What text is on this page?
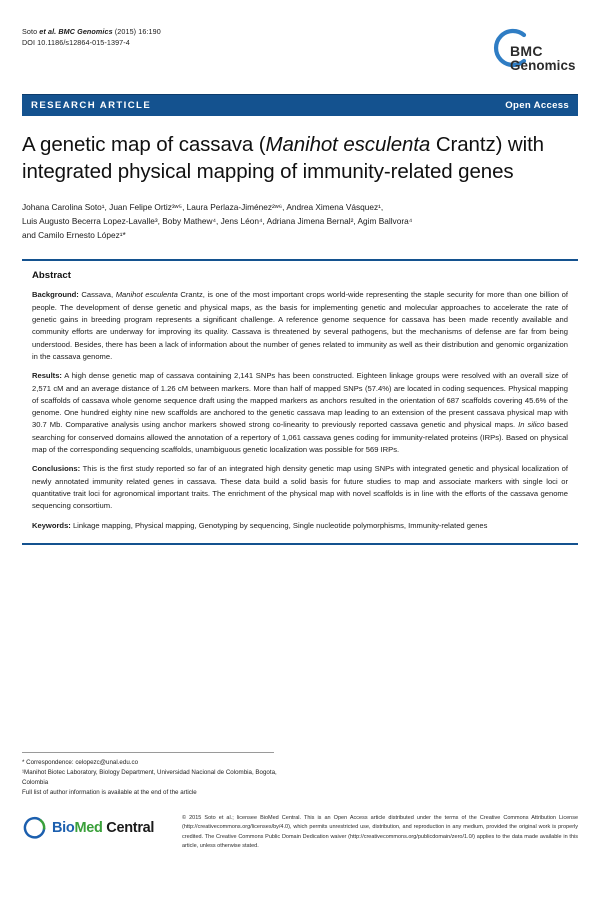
Soto et al. BMC Genomics (2015) 16:190
DOI 10.1186/s12864-015-1397-4
BMC
Genomics
RESEARCH ARTICLE	Open Access
A genetic map of cassava (Manihot esculenta Crantz) with integrated physical mapping of immunity-related genes
Johana Carolina Soto¹, Juan Felipe Ortiz³ʷ⁵, Laura Perlaza-Jiménez²ʷ⁶, Andrea Ximena Vásquez¹,
Luis Augusto Becerra Lopez-Lavalle³, Boby Mathew⁴, Jens Léon⁴, Adriana Jimena Bernal², Agim Ballvora⁴
and Camilo Ernesto López¹*
Abstract

Background: Cassava, Manihot esculenta Crantz, is one of the most important crops world-wide representing the staple security for more than one billion of people. The development of dense genetic and physical maps, as the basis for implementing genetic and molecular approaches to accelerate the rate of genetic gains in breeding program represents a significant challenge. A reference genome sequence for cassava has been made recently available and community efforts are underway for improving its quality. Cassava is threatened by several pathogens, but the mechanisms of defense are far from being understood. Besides, there has been a lack of information about the number of genes related to immunity as well as their distribution and genomic organization in the cassava genome.

Results: A high dense genetic map of cassava containing 2,141 SNPs has been constructed. Eighteen linkage groups were resolved with an overall size of 2,571 cM and an average distance of 1.26 cM between markers. More than half of mapped SNPs (57.4%) are located in coding sequences. Physical mapping of scaffolds of cassava whole genome sequence draft using the mapped markers as anchors resulted in the orientation of 687 scaffolds covering 45.6% of the genome. One hundred eighty nine new scaffolds are anchored to the genetic cassava map leading to an extension of the present cassava physical map with 30.7 Mb. Comparative analysis using anchor markers showed strong co-linearity to previously reported cassava genetic and physical maps. In silico based searching for conserved domains allowed the annotation of a repertory of 1,061 cassava genes coding for immunity-related proteins (IRPs). Based on physical map of the corresponding sequencing scaffolds, unambiguous genetic localization was possible for 569 IRPs.

Conclusions: This is the first study reported so far of an integrated high density genetic map using SNPs with integrated genetic and physical localization of newly annotated immunity related genes in cassava. These data build a solid basis for future studies to map and associate markers with single loci or quantitative trait loci for agronomical important traits. The enrichment of the physical map with novel scaffolds is in line with the efforts of the cassava genome sequencing consortium.

Keywords: Linkage mapping, Physical mapping, Genotyping by sequencing, Single nucleotide polymorphisms, Immunity-related genes

* Correspondence: celopezc@unal.edu.co
¹Manihot Biotec Laboratory, Biology Department, Universidad Nacional de Colombia, Bogota, Colombia
Full list of author information is available at the end of the article
BioMed Central
© 2015 Soto et al.; licensee BioMed Central. This is an Open Access article distributed under the terms of the Creative Commons Attribution License (http://creativecommons.org/licenses/by/4.0), which permits unrestricted use, distribution, and reproduction in any medium, provided the original work is properly credited. The Creative Commons Public Domain Dedication waiver (http://creativecommons.org/publicdomain/zero/1.0/) applies to the data made available in this article, unless otherwise stated.
